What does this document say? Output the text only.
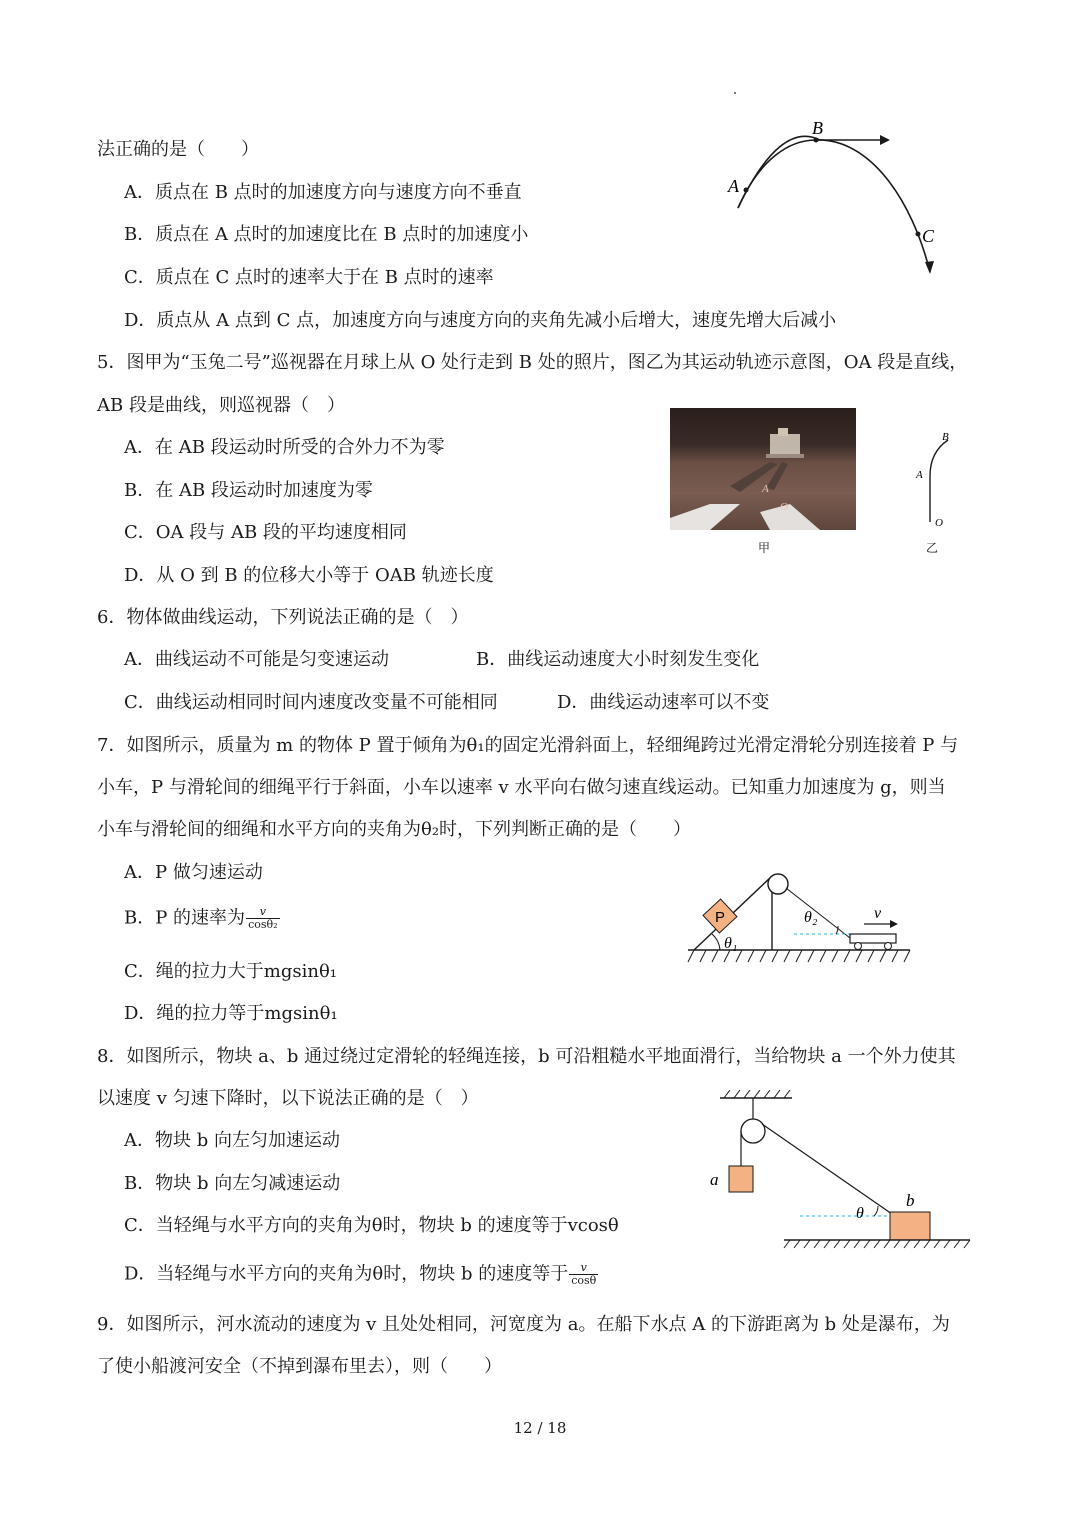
法正确的是（　　）
A．质点在 B 点时的加速度方向与速度方向不垂直
B．质点在 A 点时的加速度比在 B 点时的加速度小
C．质点在 C 点时的速率大于在 B 点时的速率
D．质点从 A 点到 C 点，加速度方向与速度方向的夹角先减小后增大，速度先增大后减小
A
B
C
5．图甲为“玉兔二号”巡视器在月球上从 O 处行走到 B 处的照片，图乙为其运动轨迹示意图，OA 段是直线，
AB 段是曲线，则巡视器（　）
A．在 AB 段运动时所受的合外力不为零
B．在 AB 段运动时加速度为零
C．OA 段与 AB 段的平均速度相同
D．从 O 到 B 的位移大小等于 OAB 轨迹长度
A
O
甲
B
A
O
乙
6．物体做曲线运动，下列说法正确的是（　）
A．曲线运动不可能是匀变速运动	B．曲线运动速度大小时刻发生变化
C．曲线运动相同时间内速度改变量不可能相同	D．曲线运动速率可以不变
7．如图所示，质量为 m 的物体 P 置于倾角为θ₁的固定光滑斜面上，轻细绳跨过光滑定滑轮分别连接着 P 与
小车，P 与滑轮间的细绳平行于斜面，小车以速率 v 水平向右做匀速直线运动。已知重力加速度为 g，则当
小车与滑轮间的细绳和水平方向的夹角为θ₂时，下列判断正确的是（　　）
A．P 做匀速运动
B．P 的速率为 $\frac{v}{\text{cosθ₂}}$
C．绳的拉力大于mgsinθ₁
D．绳的拉力等于mgsinθ₁
P
θ₁
θ₂	v
8．如图所示，物块 a、b 通过绕过定滑轮的轻绳连接，b 可沿粗糙水平地面滑行，当给物块 a 一个外力使其
以速度 v 匀速下降时，以下说法正确的是（　）
A．物块 b 向左匀加速运动
B．物块 b 向左匀减速运动
C．当轻绳与水平方向的夹角为θ时，物块 b 的速度等于vcosθ
D．当轻绳与水平方向的夹角为θ时，物块 b 的速度等于 $\frac{v}{\cos\theta}$
a
θ
b
9．如图所示，河水流动的速度为 v 且处处相同，河宽度为 a。在船下水点 A 的下游距离为 b 处是瀑布，为
了使小船渡河安全（不掉到瀑布里去），则（　　）
12 / 18
